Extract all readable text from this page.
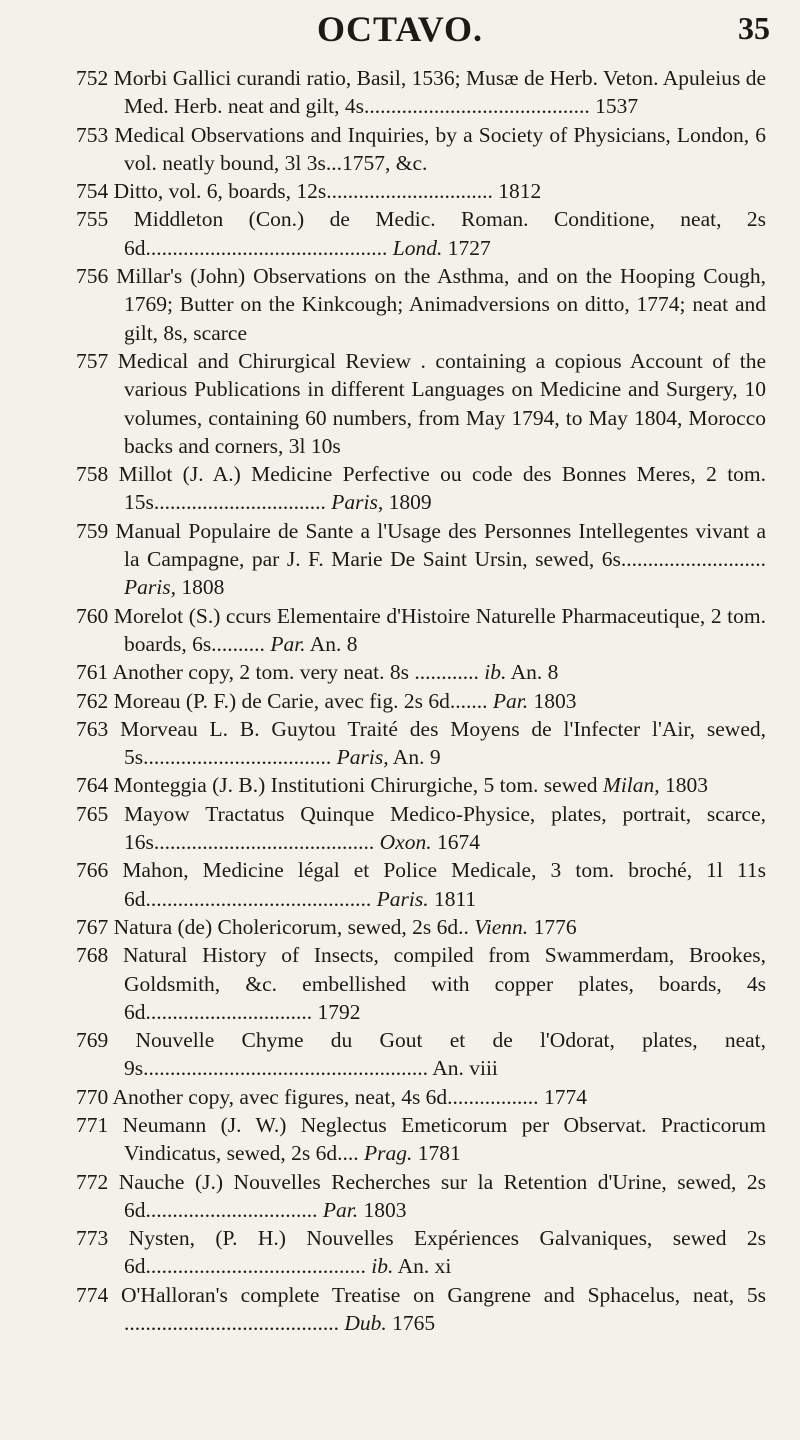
OCTAVO.	35

752 Morbi Gallici curandi ratio, Basil, 1536; Musæ de Herb. Veton. Apuleius de Med. Herb. neat and gilt, 4s.......................................... 1537

753 Medical Observations and Inquiries, by a Society of Physicians, London, 6 vol. neatly bound, 3l 3s...1757, &c.

754 Ditto, vol. 6, boards, 12s............................... 1812

755 Middleton (Con.) de Medic. Roman. Conditione, neat, 2s 6d............................................. Lond. 1727

756 Millar's (John) Observations on the Asthma, and on the Hooping Cough, 1769; Butter on the Kinkcough; Animadversions on ditto, 1774; neat and gilt, 8s, scarce

757 Medical and Chirurgical Review . containing a copious Account of the various Publications in different Languages on Medicine and Surgery, 10 volumes, containing 60 numbers, from May 1794, to May 1804, Morocco backs and corners, 3l 10s

758 Millot (J. A.) Medicine Perfective ou code des Bonnes Meres, 2 tom. 15s................................ Paris, 1809

759 Manual Populaire de Sante a l'Usage des Personnes Intellegentes vivant a la Campagne, par J. F. Marie De Saint Ursin, sewed, 6s........................... Paris, 1808

760 Morelot (S.) ccurs Elementaire d'Histoire Naturelle Pharmaceutique, 2 tom. boards, 6s.......... Par. An. 8

761 Another copy, 2 tom. very neat. 8s ............ ib. An. 8

762 Moreau (P. F.) de Carie, avec fig. 2s 6d....... Par. 1803

763 Morveau L. B. Guytou Traité des Moyens de l'Infecter l'Air, sewed, 5s................................... Paris, An. 9

764 Monteggia (J. B.) Institutioni Chirurgiche, 5 tom. sewed Milan, 1803

765 Mayow Tractatus Quinque Medico-Physice, plates, portrait, scarce, 16s......................................... Oxon. 1674

766 Mahon, Medicine légal et Police Medicale, 3 tom. broché, 1l 11s 6d.......................................... Paris. 1811

767 Natura (de) Cholericorum, sewed, 2s 6d.. Vienn. 1776

768 Natural History of Insects, compiled from Swammerdam, Brookes, Goldsmith, &c. embellished with copper plates, boards, 4s 6d............................... 1792

769 Nouvelle Chyme du Gout et de l'Odorat, plates, neat, 9s..................................................... An. viii

770 Another copy, avec figures, neat, 4s 6d................. 1774

771 Neumann (J. W.) Neglectus Emeticorum per Observat. Practicorum Vindicatus, sewed, 2s 6d.... Prag. 1781

772 Nauche (J.) Nouvelles Recherches sur la Retention d'Urine, sewed, 2s 6d................................ Par. 1803

773 Nysten, (P. H.) Nouvelles Expériences Galvaniques, sewed 2s 6d......................................... ib. An. xi

774 O'Halloran's complete Treatise on Gangrene and Sphacelus, neat, 5s ........................................ Dub. 1765
